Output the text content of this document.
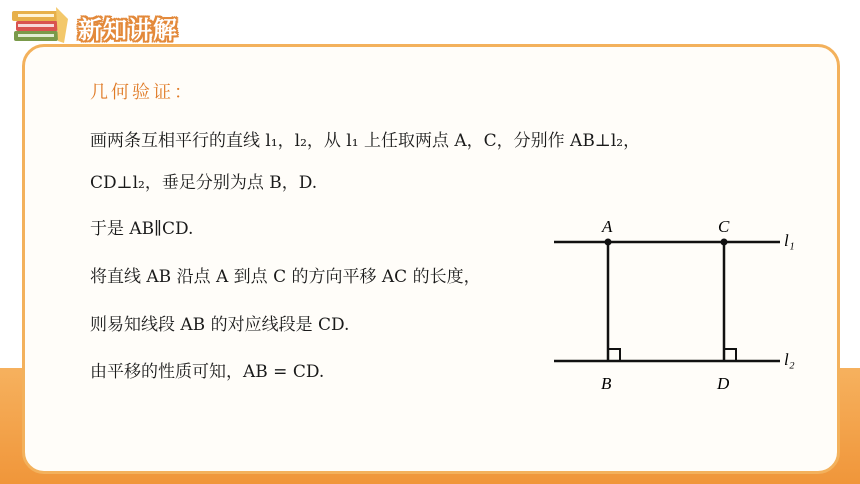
新知讲解
几何验证：
画两条互相平行的直线 l₁，l₂，从 l₁ 上任取两点 A，C，分别作 AB⊥l₂，
CD⊥l₂，垂足分别为点 B，D.
于是 AB∥CD.
将直线 AB 沿点 A 到点 C 的方向平移 AC 的长度，
则易知线段 AB 的对应线段是 CD.
由平移的性质可知，AB = CD.
A	C
B	D
l₁
l₂
